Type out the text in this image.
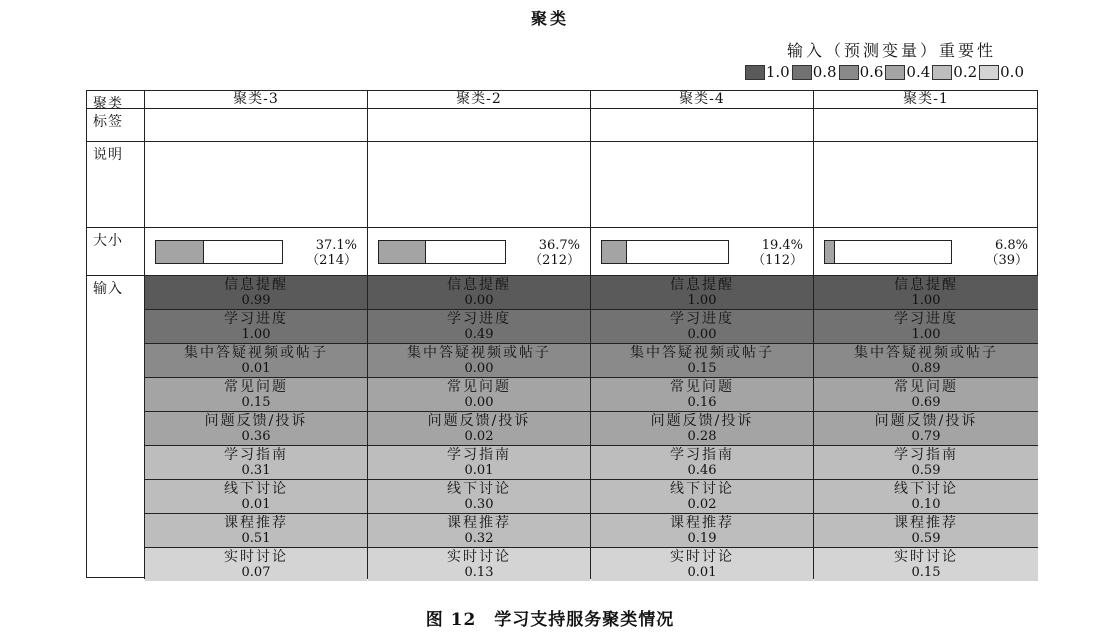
聚类
输入（预测变量）重要性
1.0 0.8 0.6 0.4 0.2 0.0
聚类
标签
说明
大小
输入
聚类-3
37.1%
（214）
信息提醒
0.99
学习进度
1.00
集中答疑视频或帖子
0.01
常见问题
0.15
问题反馈/投诉
0.36
学习指南
0.31
线下讨论
0.01
课程推荐
0.51
实时讨论
0.07
聚类-2
36.7%
（212）
信息提醒
0.00
学习进度
0.49
集中答疑视频或帖子
0.00
常见问题
0.00
问题反馈/投诉
0.02
学习指南
0.01
线下讨论
0.30
课程推荐
0.32
实时讨论
0.13
聚类-4
19.4%
（112）
信息提醒
1.00
学习进度
0.00
集中答疑视频或帖子
0.15
常见问题
0.16
问题反馈/投诉
0.28
学习指南
0.46
线下讨论
0.02
课程推荐
0.19
实时讨论
0.01
聚类-1
6.8%
（39）
信息提醒
1.00
学习进度
1.00
集中答疑视频或帖子
0.89
常见问题
0.69
问题反馈/投诉
0.79
学习指南
0.59
线下讨论
0.10
课程推荐
0.59
实时讨论
0.15
图 12　学习支持服务聚类情况
